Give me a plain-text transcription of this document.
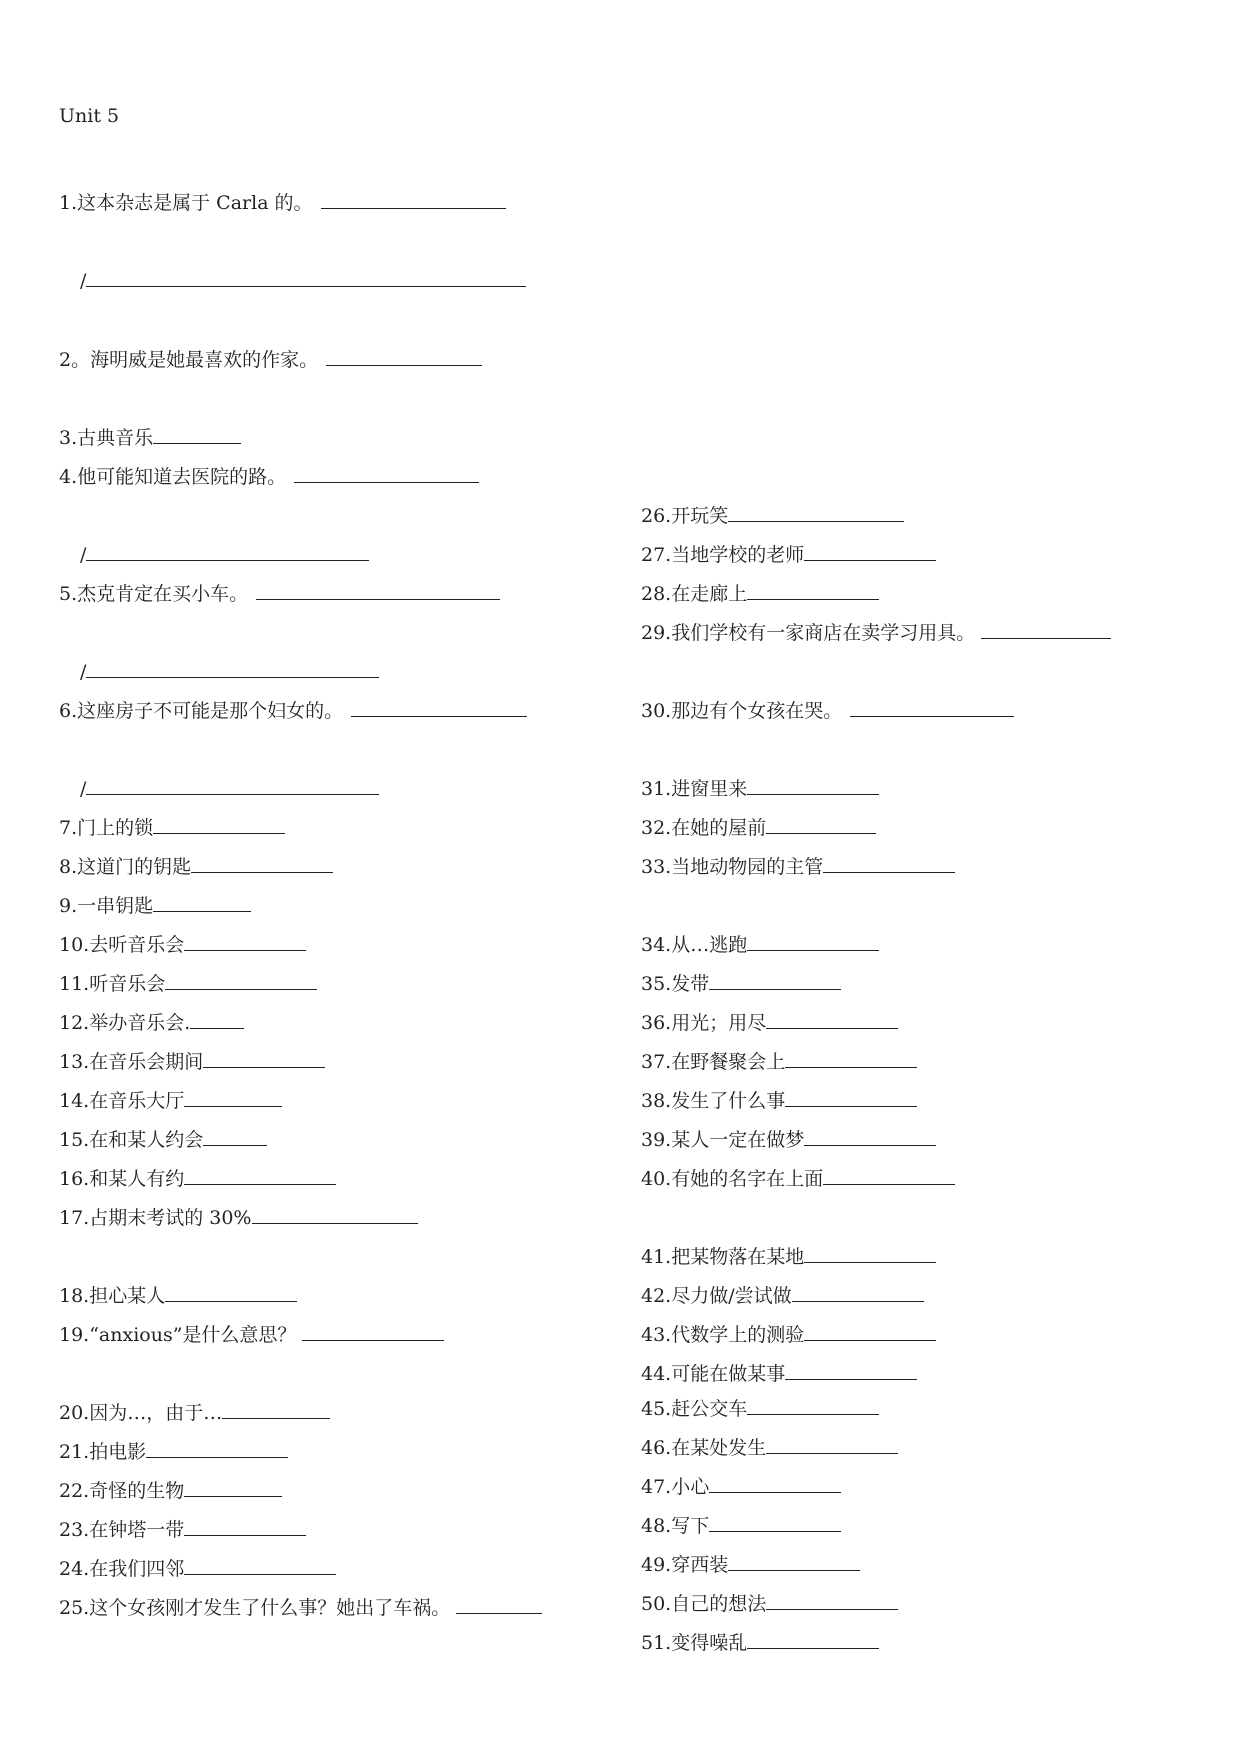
Unit 5
1.这本杂志是属于 Carla 的。
/
2。海明威是她最喜欢的作家。
3.古典音乐
4.他可能知道去医院的路。
/
5.杰克肯定在买小车。
/
6.这座房子不可能是那个妇女的。
/
7.门上的锁
8.这道门的钥匙
9.一串钥匙
10.去听音乐会
11.听音乐会
12.举办音乐会.
13.在音乐会期间
14.在音乐大厅
15.在和某人约会
16.和某人有约
17.占期末考试的 30%
18.担心某人
19.“anxious”是什么意思？
20.因为…，由于…
21.拍电影
22.奇怪的生物
23.在钟塔一带
24.在我们四邻
25.这个女孩刚才发生了什么事？她出了车祸。
26.开玩笑
27.当地学校的老师
28.在走廊上
29.我们学校有一家商店在卖学习用具。
30.那边有个女孩在哭。
31.进窗里来
32.在她的屋前
33.当地动物园的主管
34.从…逃跑
35.发带
36.用光；用尽
37.在野餐聚会上
38.发生了什么事
39.某人一定在做梦
40.有她的名字在上面
41.把某物落在某地
42.尽力做/尝试做
43.代数学上的测验
44.可能在做某事
45.赶公交车
46.在某处发生
47.小心
48.写下
49.穿西装
50.自己的想法
51.变得噪乱
